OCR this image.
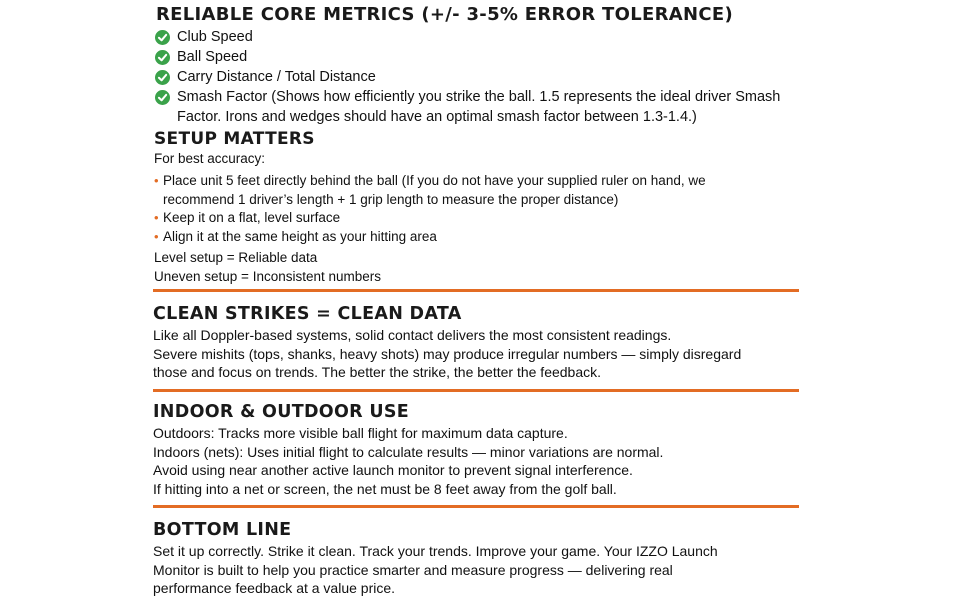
RELIABLE CORE METRICS (+/- 3-5% ERROR TOLERANCE)
Club Speed
Ball Speed
Carry Distance / Total Distance
Smash Factor (Shows how efficiently you strike the ball. 1.5 represents the ideal driver Smash
Factor. Irons and wedges should have an optimal smash factor between 1.3-1.4.)
SETUP MATTERS

For best accuracy:

• Place unit 5 feet directly behind the ball (If you do not have your supplied ruler on hand, we
recommend 1 driver’s length + 1 grip length to measure the proper distance)
• Keep it on a flat, level surface
• Align it at the same height as your hitting area

Level setup = Reliable data

Uneven setup = Inconsistent numbers

CLEAN STRIKES = CLEAN DATA

Like all Doppler-based systems, solid contact delivers the most consistent readings.

Severe mishits (tops, shanks, heavy shots) may produce irregular numbers — simply disregard

those and focus on trends. The better the strike, the better the feedback.

INDOOR & OUTDOOR USE

Outdoors: Tracks more visible ball flight for maximum data capture.

Indoors (nets): Uses initial flight to calculate results — minor variations are normal.

Avoid using near another active launch monitor to prevent signal interference.

If hitting into a net or screen, the net must be 8 feet away from the golf ball.

BOTTOM LINE

Set it up correctly. Strike it clean. Track your trends. Improve your game. Your IZZO Launch

Monitor is built to help you practice smarter and measure progress — delivering real

performance feedback at a value price.
